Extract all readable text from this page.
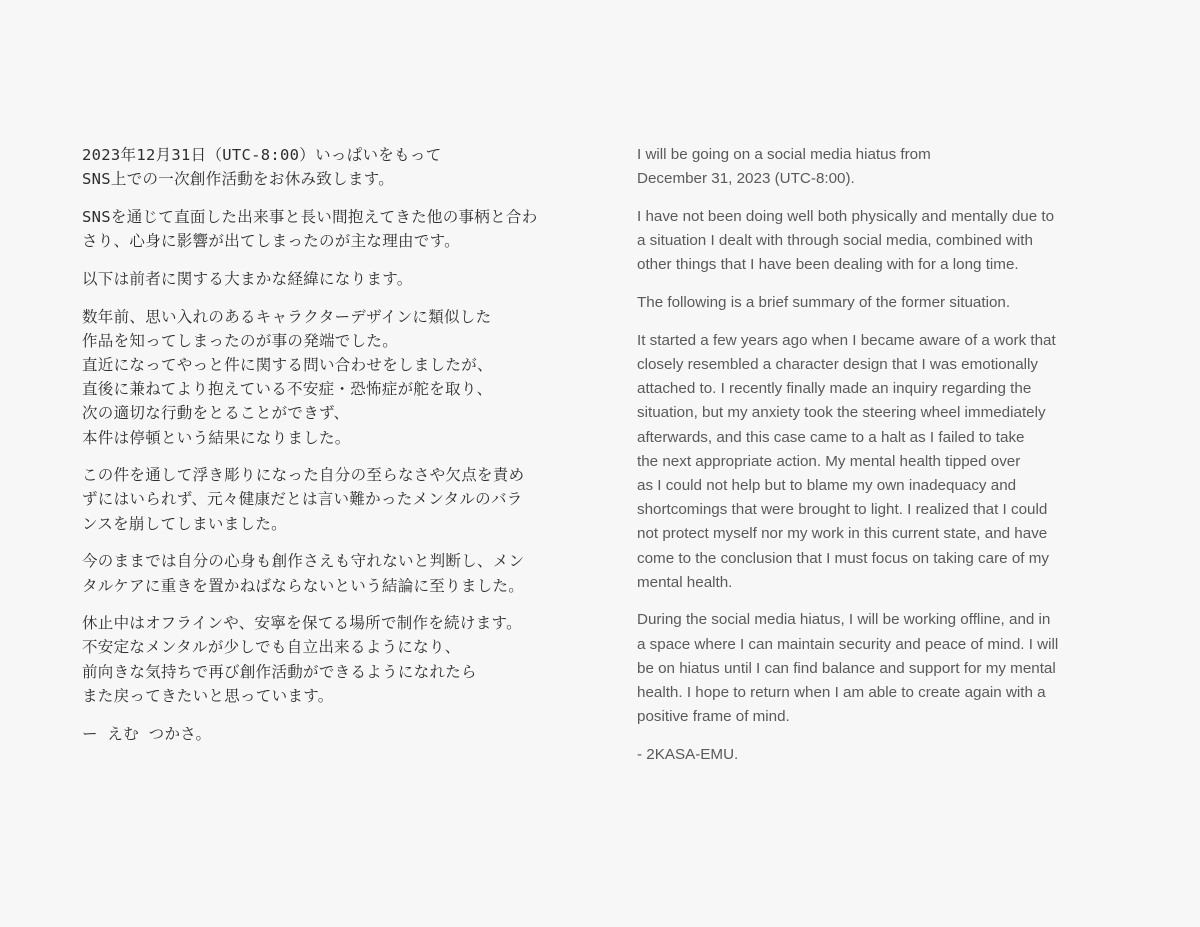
2023年12月31日（UTC-8:00）いっぱいをもって
SNS上での一次創作活動をお休み致します。

SNSを通じて直面した出来事と長い間抱えてきた他の事柄と合わ
さり、心身に影響が出てしまったのが主な理由です。

以下は前者に関する大まかな経緯になります。

数年前、思い入れのあるキャラクターデザインに類似した
作品を知ってしまったのが事の発端でした。
直近になってやっと件に関する問い合わせをしましたが、
直後に兼ねてより抱えている不安症・恐怖症が舵を取り、
次の適切な行動をとることができず、
本件は停頓という結果になりました。

この件を通して浮き彫りになった自分の至らなさや欠点を責め
ずにはいられず、元々健康だとは言い難かったメンタルのバラ
ンスを崩してしまいました。

今のままでは自分の心身も創作さえも守れないと判断し、メン
タルケアに重きを置かねばならないという結論に至りました。

休止中はオフラインや、安寧を保てる場所で制作を続けます。
不安定なメンタルが少しでも自立出来るようになり、
前向きな気持ちで再び創作活動ができるようになれたら
また戻ってきたいと思っています。

ー えむ つかさ。

I will be going on a social media hiatus from
December 31, 2023 (UTC-8:00).

I have not been doing well both physically and mentally due to
a situation I dealt with through social media, combined with
other things that I have been dealing with for a long time.

The following is a brief summary of the former situation.

It started a few years ago when I became aware of a work that
closely resembled a character design that I was emotionally
attached to. I recently finally made an inquiry regarding the
situation, but my anxiety took the steering wheel immediately
afterwards, and this case came to a halt as I failed to take
the next appropriate action. My mental health tipped over
as I could not help but to blame my own inadequacy and
shortcomings that were brought to light. I realized that I could
not protect myself nor my work in this current state, and have
come to the conclusion that I must focus on taking care of my
mental health.

During the social media hiatus, I will be working offline, and in
a space where I can maintain security and peace of mind. I will
be on hiatus until I can find balance and support for my mental
health. I hope to return when I am able to create again with a
positive frame of mind.

- 2KASA-EMU.
